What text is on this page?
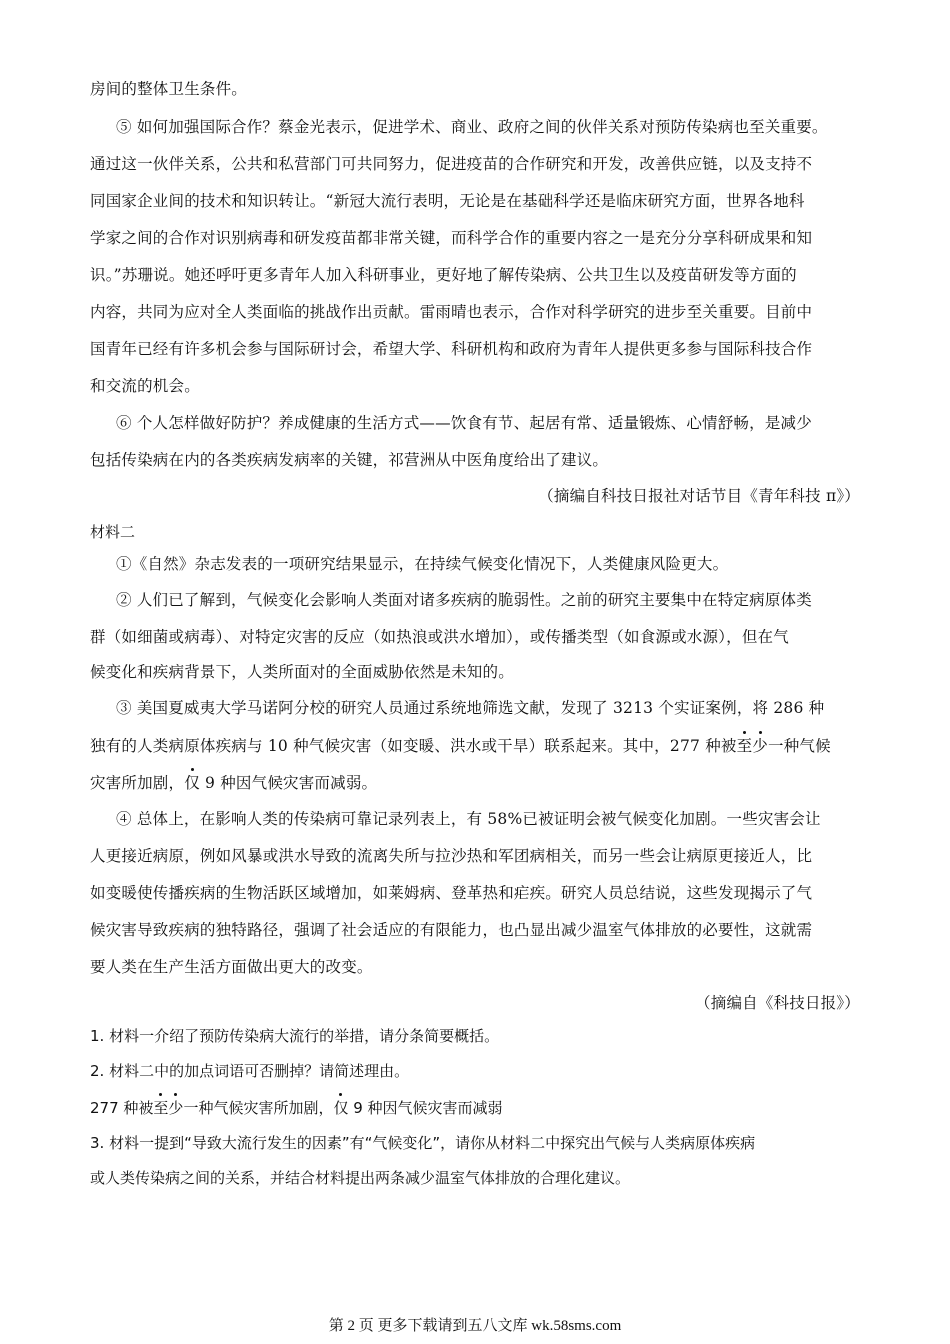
房间的整体卫生条件。
⑤ 如何加强国际合作？蔡金光表示，促进学术、商业、政府之间的伙伴关系对预防传染病也至关重要。
通过这一伙伴关系，公共和私营部门可共同努力，促进疫苗的合作研究和开发，改善供应链，以及支持不
同国家企业间的技术和知识转让。“新冠大流行表明，无论是在基础科学还是临床研究方面，世界各地科
学家之间的合作对识别病毒和研发疫苗都非常关键，而科学合作的重要内容之一是充分分享科研成果和知
识。”苏珊说。她还呼吁更多青年人加入科研事业，更好地了解传染病、公共卫生以及疫苗研发等方面的
内容，共同为应对全人类面临的挑战作出贡献。雷雨晴也表示，合作对科学研究的进步至关重要。目前中
国青年已经有许多机会参与国际研讨会，希望大学、科研机构和政府为青年人提供更多参与国际科技合作
和交流的机会。
⑥ 个人怎样做好防护？养成健康的生活方式——饮食有节、起居有常、适量锻炼、心情舒畅，是减少
包括传染病在内的各类疾病发病率的关键，祁营洲从中医角度给出了建议。
（摘编自科技日报社对话节目《青年科技 π》）
材料二
①《自然》杂志发表的一项研究结果显示，在持续气候变化情况下，人类健康风险更大。
② 人们已了解到，气候变化会影响人类面对诸多疾病的脆弱性。之前的研究主要集中在特定病原体类
群（如细菌或病毒）、对特定灾害的反应（如热浪或洪水增加），或传播类型（如食源或水源），但在气
候变化和疾病背景下，人类所面对的全面威胁依然是未知的。
③ 美国夏威夷大学马诺阿分校的研究人员通过系统地筛选文献，发现了 3213 个实证案例，将 286 种
独有的人类病原体疾病与 10 种气候灾害（如变暖、洪水或干旱）联系起来。其中，277 种被至少一种气候
灾害所加剧，仅 9 种因气候灾害而减弱。
④ 总体上，在影响人类的传染病可靠记录列表上，有 58%已被证明会被气候变化加剧。一些灾害会让
人更接近病原，例如风暴或洪水导致的流离失所与拉沙热和军团病相关，而另一些会让病原更接近人，比
如变暖使传播疾病的生物活跃区域增加，如莱姆病、登革热和疟疾。研究人员总结说，这些发现揭示了气
候灾害导致疾病的独特路径，强调了社会适应的有限能力，也凸显出减少温室气体排放的必要性，这就需
要人类在生产生活方面做出更大的改变。
（摘编自《科技日报》）
1. 材料一介绍了预防传染病大流行的举措，请分条简要概括。
2. 材料二中的加点词语可否删掉？请简述理由。
277 种被至少一种气候灾害所加剧，仅 9 种因气候灾害而减弱
3. 材料一提到“导致大流行发生的因素”有“气候变化”，请你从材料二中探究出气候与人类病原体疾病
或人类传染病之间的关系，并结合材料提出两条减少温室气体排放的合理化建议。
第 2 页 更多下载请到五八文库 wk.58sms.com
